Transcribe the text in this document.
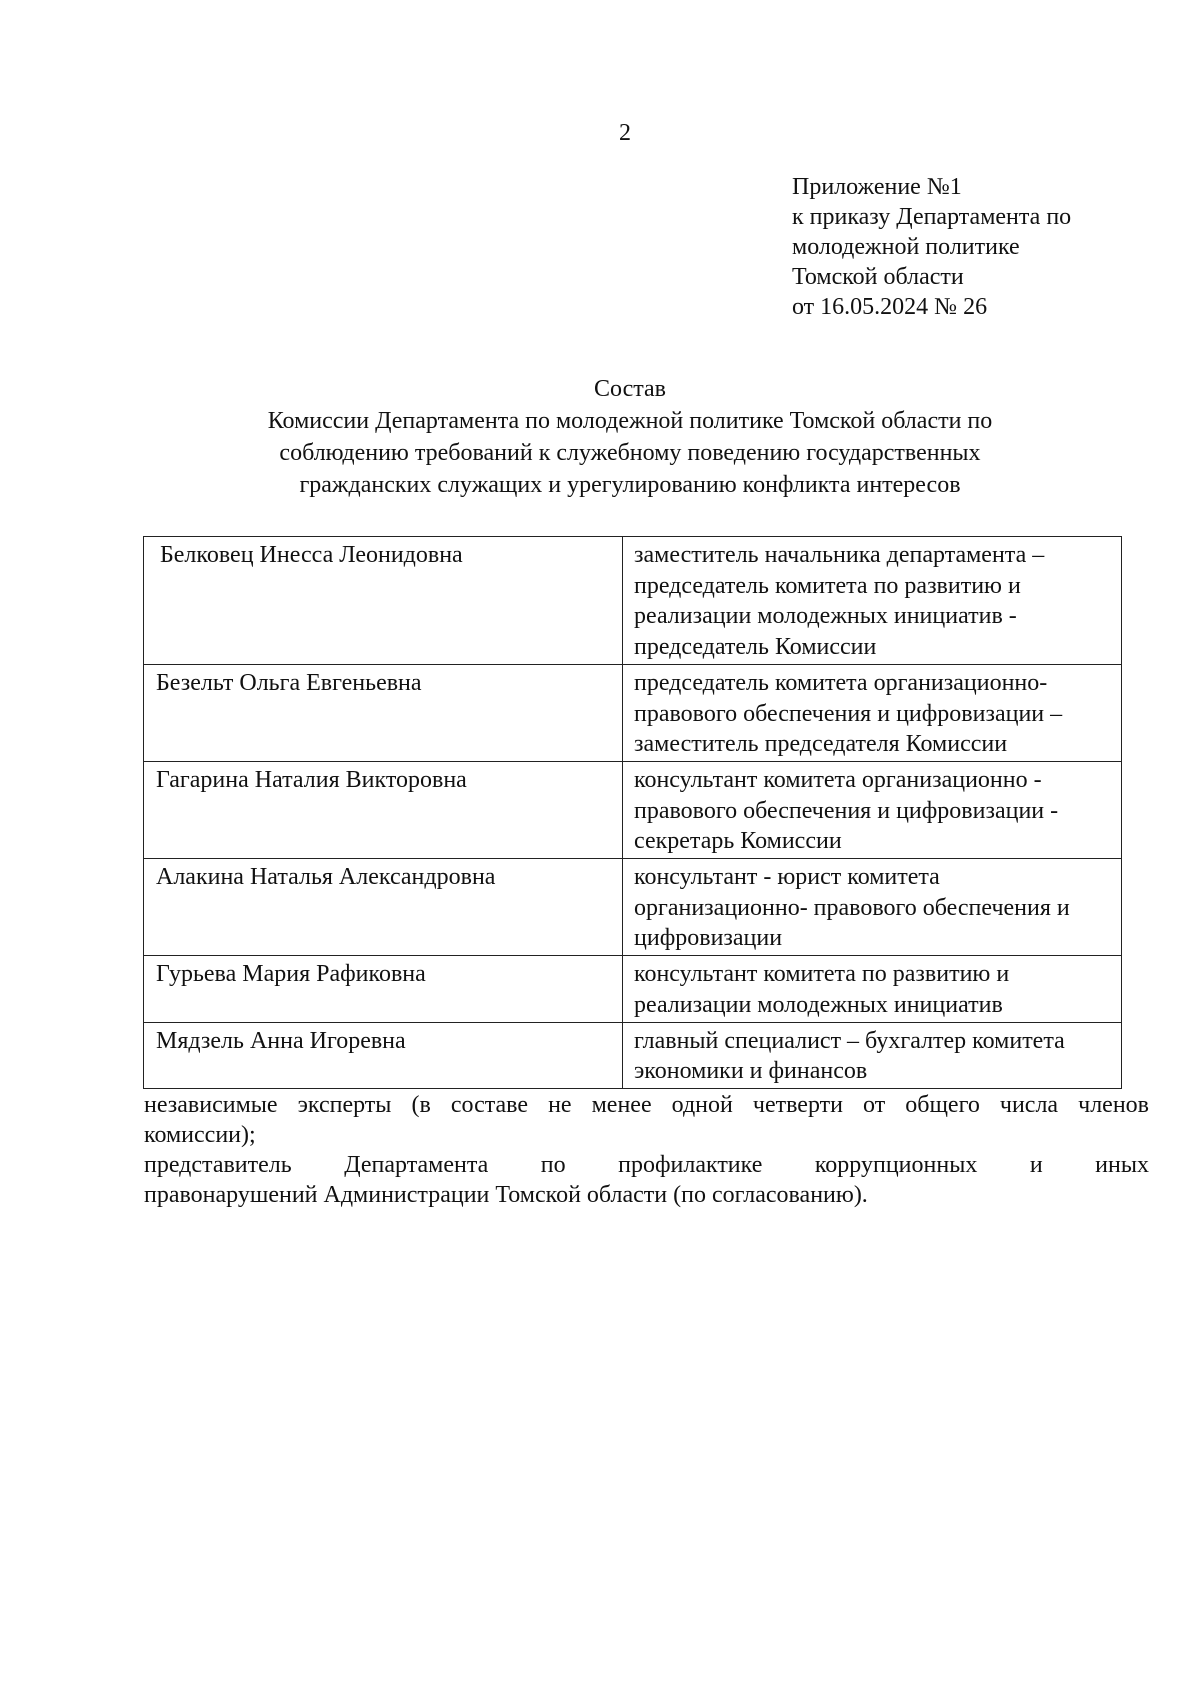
2
Приложение №1
к приказу Департамента по
молодежной политике
Томской области
от 16.05.2024 № 26
Состав
Комиссии Департамента по молодежной политике Томской области по
соблюдению требований к служебному поведению государственных
гражданских служащих и урегулированию конфликта интересов
Белковец Инесса Леонидовна	заместитель начальника департамента –
председатель комитета по развитию и
реализации молодежных инициатив -
председатель Комиссии

Безельт Ольга Евгеньевна	председатель комитета организационно-
правового обеспечения и цифровизации –
заместитель председателя Комиссии

Гагарина Наталия Викторовна	консультант комитета организационно -
правового обеспечения и цифровизации -
секретарь Комиссии

Алакина Наталья Александровна	консультант - юрист комитета
организационно- правового обеспечения и
цифровизации

Гурьева Мария Рафиковна	консультант комитета по развитию и
реализации молодежных инициатив

Мядзель Анна Игоревна	главный специалист – бухгалтер комитета
экономики и финансов
независимые эксперты (в составе не менее одной четверти от общего числа членов
комиссии);
представитель Департамента по профилактике коррупционных и иных
правонарушений Администрации Томской области (по согласованию).
